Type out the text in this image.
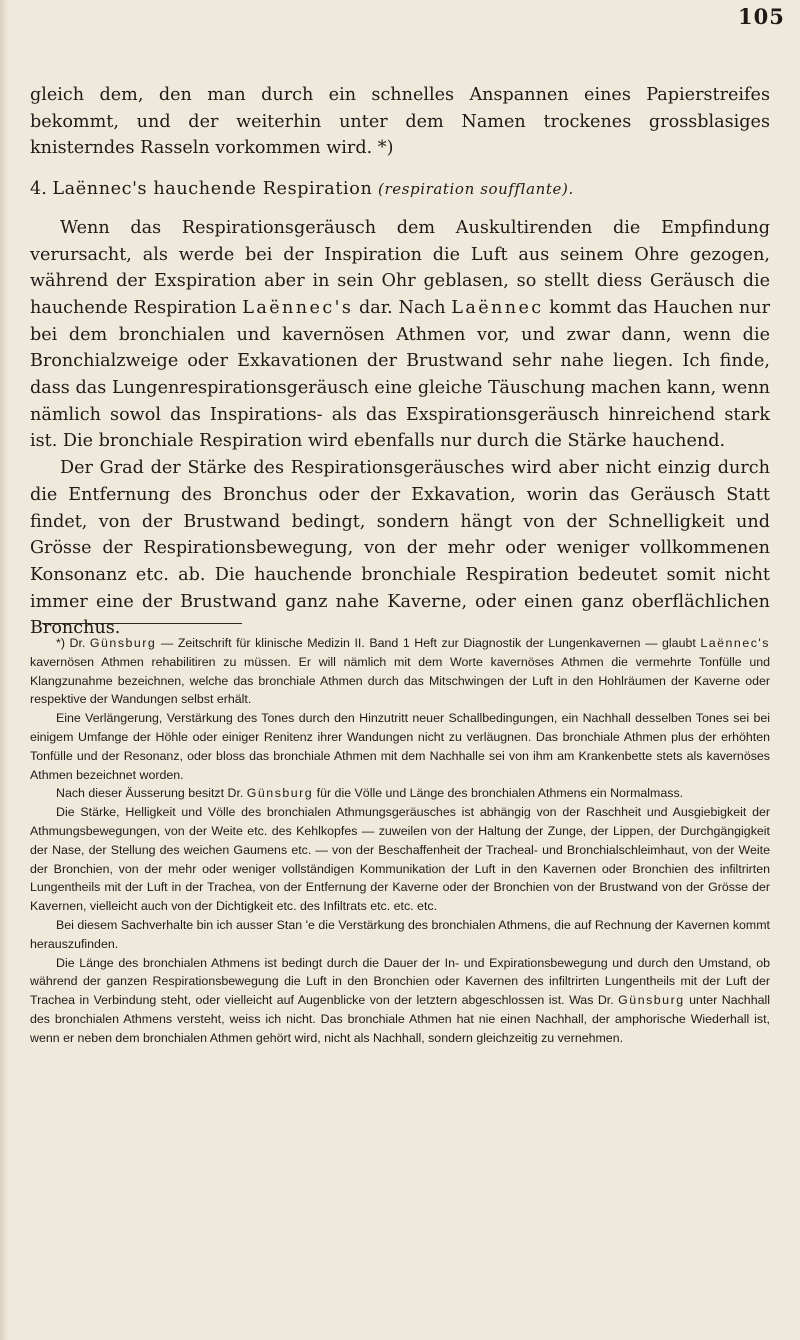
105

gleich dem, den man durch ein schnelles Anspannen eines Papierstreifes bekommt, und der weiterhin unter dem Namen trockenes grossblasiges knisterndes Rasseln vorkommen wird. *)

4. Laënnec's hauchende Respiration (respiration soufflante).

Wenn das Respirationsgeräusch dem Auskultirenden die Empfindung verursacht, als werde bei der Inspiration die Luft aus seinem Ohre gezogen, während der Exspiration aber in sein Ohr geblasen, so stellt diess Geräusch die hauchende Respiration Laënnec's dar. Nach Laënnec kommt das Hauchen nur bei dem bronchialen und kavernösen Athmen vor, und zwar dann, wenn die Bronchialzweige oder Exkavationen der Brustwand sehr nahe liegen. Ich finde, dass das Lungenrespirationsgeräusch eine gleiche Täuschung machen kann, wenn nämlich sowol das Inspirations- als das Exspirationsgeräusch hinreichend stark ist. Die bronchiale Respiration wird ebenfalls nur durch die Stärke hauchend.

Der Grad der Stärke des Respirationsgeräusches wird aber nicht einzig durch die Entfernung des Bronchus oder der Exkavation, worin das Geräusch Statt findet, von der Brustwand bedingt, sondern hängt von der Schnelligkeit und Grösse der Respirationsbewegung, von der mehr oder weniger vollkommenen Konsonanz etc. ab. Die hauchende bronchiale Respiration bedeutet somit nicht immer eine der Brustwand ganz nahe Kaverne, oder einen ganz oberflächlichen Bronchus.

*) Dr. Günsburg — Zeitschrift für klinische Medizin II. Band 1 Heft zur Diagnostik der Lungenkavernen — glaubt Laënnec's kavernösen Athmen rehabilitiren zu müssen. Er will nämlich mit dem Worte kavernöses Athmen die vermehrte Tonfülle und Klangzunahme bezeichnen, welche das bronchiale Athmen durch das Mitschwingen der Luft in den Hohlräumen der Kaverne oder respektive der Wandungen selbst erhält.

Eine Verlängerung, Verstärkung des Tones durch den Hinzutritt neuer Schallbedingungen, ein Nachhall desselben Tones sei bei einigem Umfange der Höhle oder einiger Renitenz ihrer Wandungen nicht zu verläugnen. Das bronchiale Athmen plus der erhöhten Tonfülle und der Resonanz, oder bloss das bronchiale Athmen mit dem Nachhalle sei von ihm am Krankenbette stets als kavernöses Athmen bezeichnet worden.

Nach dieser Äusserung besitzt Dr. Günsburg für die Völle und Länge des bronchialen Athmens ein Normalmass.

Die Stärke, Helligkeit und Völle des bronchialen Athmungsgeräusches ist abhängig von der Raschheit und Ausgiebigkeit der Athmungsbewegungen, von der Weite etc. des Kehlkopfes — zuweilen von der Haltung der Zunge, der Lippen, der Durchgängigkeit der Nase, der Stellung des weichen Gaumens etc. — von der Beschaffenheit der Tracheal- und Bronchialschleimhaut, von der Weite der Bronchien, von der mehr oder weniger vollständigen Kommunikation der Luft in den Kavernen oder Bronchien des infiltrirten Lungentheils mit der Luft in der Trachea, von der Entfernung der Kaverne oder der Bronchien von der Brustwand von der Grösse der Kavernen, vielleicht auch von der Dichtigkeit etc. des Infiltrats etc. etc. etc.

Bei diesem Sachverhalte bin ich ausser Stan 'e die Verstärkung des bronchialen Athmens, die auf Rechnung der Kavernen kommt herauszufinden.

Die Länge des bronchialen Athmens ist bedingt durch die Dauer der In- und Expirationsbewegung und durch den Umstand, ob während der ganzen Respirationsbewegung die Luft in den Bronchien oder Kavernen des infiltrirten Lungentheils mit der Luft der Trachea in Verbindung steht, oder vielleicht auf Augenblicke von der letztern abgeschlossen ist. Was Dr. Günsburg unter Nachhall des bronchialen Athmens versteht, weiss ich nicht. Das bronchiale Athmen hat nie einen Nachhall, der amphorische Wiederhall ist, wenn er neben dem bronchialen Athmen gehört wird, nicht als Nachhall, sondern gleichzeitig zu vernehmen.
